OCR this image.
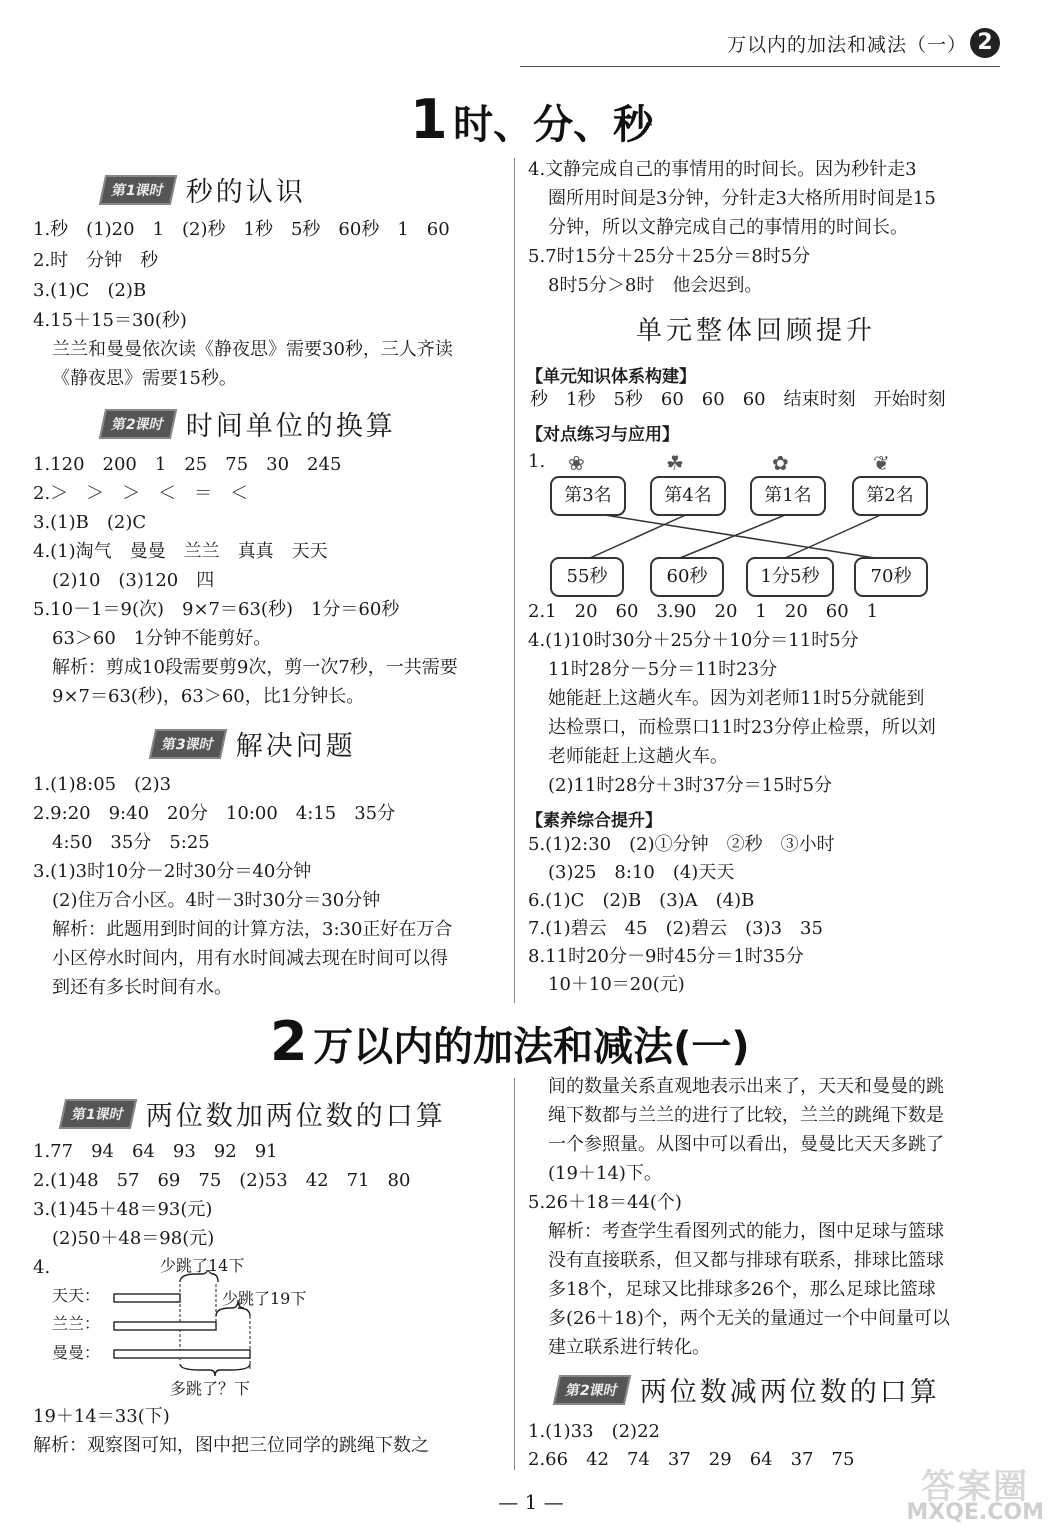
万以内的加法和减法（一） 2
1 时、分、秒
第1课时 秒的认识
1.秒　(1)20　1　(2)秒　1秒　5秒　60秒　1　60
2.时　分钟　秒
3.(1)C　(2)B
4.15＋15＝30(秒)
兰兰和曼曼依次读《静夜思》需要30秒，三人齐读
《静夜思》需要15秒。
第2课时 时间单位的换算
1.120　200　1　25　75　30　245
2.＞　＞　＞　＜　＝　＜
3.(1)B　(2)C
4.(1)淘气　曼曼　兰兰　真真　天天
(2)10　(3)120　四
5.10－1＝9(次)　9×7＝63(秒)　1分＝60秒
63＞60　1分钟不能剪好。
解析：剪成10段需要剪9次，剪一次7秒，一共需要
9×7＝63(秒)，63＞60，比1分钟长。
第3课时 解决问题
1.(1)8:05　(2)3
2.9:20　9:40　20分　10:00　4:15　35分
4:50　35分　5:25
3.(1)3时10分－2时30分＝40分钟
(2)住万合小区。4时－3时30分＝30分钟
解析：此题用到时间的计算方法，3:30正好在万合
小区停水时间内，用有水时间减去现在时间可以得
到还有多长时间有水。
4.文静完成自己的事情用的时间长。因为秒针走3
圈所用时间是3分钟，分针走3大格所用时间是15
分钟，所以文静完成自己的事情用的时间长。
5.7时15分＋25分＋25分＝8时5分
8时5分＞8时　他会迟到。
单元整体回顾提升
【单元知识体系构建】
秒　1秒　5秒　60　60　60　结束时刻　开始时刻
【对点练习与应用】
1. ❀	☘	✿	❦
第3名	第4名	第1名	第2名
55秒	60秒	1分5秒	70秒
2.1　20　60　3.90　20　1　20　60　1
4.(1)10时30分＋25分＋10分＝11时5分
11时28分－5分＝11时23分
她能赶上这趟火车。因为刘老师11时5分就能到
达检票口，而检票口11时23分停止检票，所以刘
老师能赶上这趟火车。
(2)11时28分＋3时37分＝15时5分
【素养综合提升】
5.(1)2:30　(2)①分钟　②秒　③小时
(3)25　8:10　(4)天天
6.(1)C　(2)B　(3)A　(4)B
7.(1)碧云　45　(2)碧云　(3)3　35
8.11时20分－9时45分＝1时35分
10＋10＝20(元)
2 万以内的加法和减法(一)
第1课时 两位数加两位数的口算
1.77　94　64　93　92　91
2.(1)48　57　69　75　(2)53　42　71　80
3.(1)45＋48＝93(元)
(2)50＋48＝98(元)
4.	少跳了14下
少跳了19下
天天：
兰兰：
曼曼：
多跳了？下
19＋14＝33(下)
解析：观察图可知，图中把三位同学的跳绳下数之
间的数量关系直观地表示出来了，天天和曼曼的跳
绳下数都与兰兰的进行了比较，兰兰的跳绳下数是
一个参照量。从图中可以看出，曼曼比天天多跳了
(19＋14)下。
5.26＋18＝44(个)
解析：考查学生看图列式的能力，图中足球与篮球
没有直接联系，但又都与排球有联系，排球比篮球
多18个，足球又比排球多26个，那么足球比篮球
多(26＋18)个，两个无关的量通过一个中间量可以
建立联系进行转化。
第2课时 两位数减两位数的口算
1.(1)33　(2)22
2.66　42　74　37　29　64　37　75
— 1 —	答案圈
MXQE.COM
